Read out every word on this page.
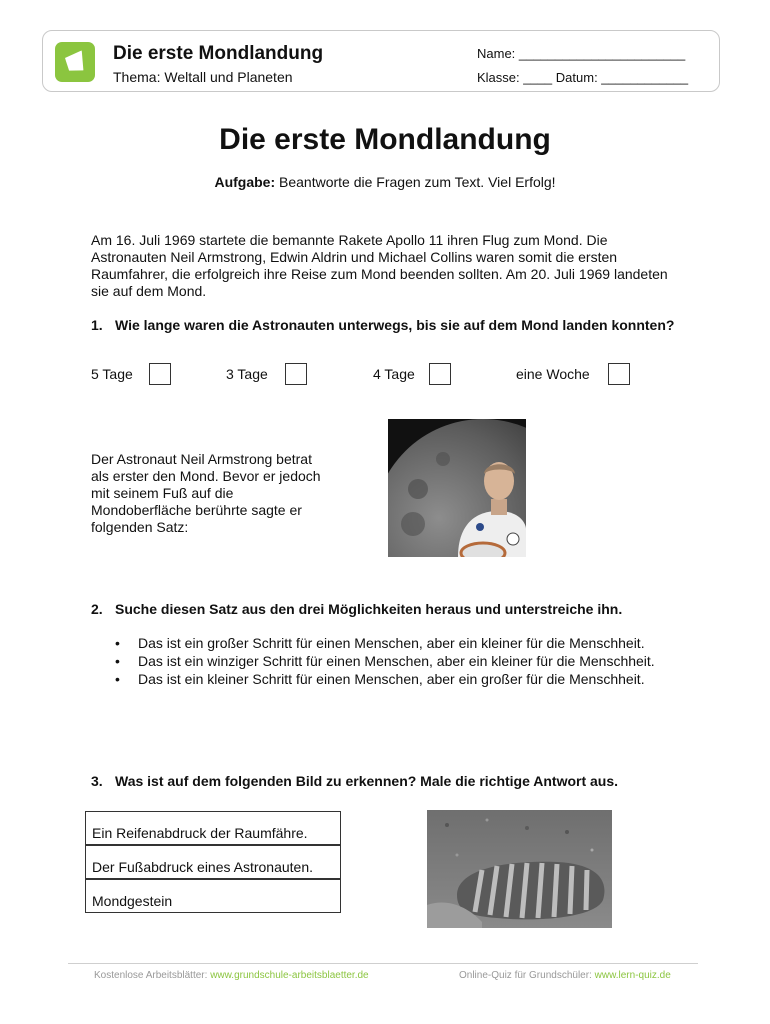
Die erste Mondlandung
Thema: Weltall und Planeten
Name: _______________________
Klasse: ____ Datum: ____________
Die erste Mondlandung
Aufgabe: Beantworte die Fragen zum Text. Viel Erfolg!
Am 16. Juli 1969 startete die bemannte Rakete Apollo 11 ihren Flug zum Mond. Die Astronauten Neil Armstrong, Edwin Aldrin und Michael Collins waren somit die ersten Raumfahrer, die erfolgreich ihre Reise zum Mond beenden sollten. Am 20. Juli 1969 landeten sie auf dem Mond.
1. Wie lange waren die Astronauten unterwegs, bis sie auf dem Mond landen konnten?
5 Tage	3 Tage	4 Tage	eine Woche
Der Astronaut Neil Armstrong betrat als erster den Mond. Bevor er jedoch mit seinem Fuß auf die Mondoberfläche berührte sagte er folgenden Satz:
2. Suche diesen Satz aus den drei Möglichkeiten heraus und unterstreiche ihn.
• Das ist ein großer Schritt für einen Menschen, aber ein kleiner für die Menschheit.
• Das ist ein winziger Schritt für einen Menschen, aber ein kleiner für die Menschheit.
• Das ist ein kleiner Schritt für einen Menschen, aber ein großer für die Menschheit.
3. Was ist auf dem folgenden Bild zu erkennen? Male die richtige Antwort aus.
Ein Reifenabdruck der Raumfähre.
Der Fußabdruck eines Astronauten.
Mondgestein
Kostenlose Arbeitsblätter: www.grundschule-arbeitsblaetter.de	Online-Quiz für Grundschüler: www.lern-quiz.de
